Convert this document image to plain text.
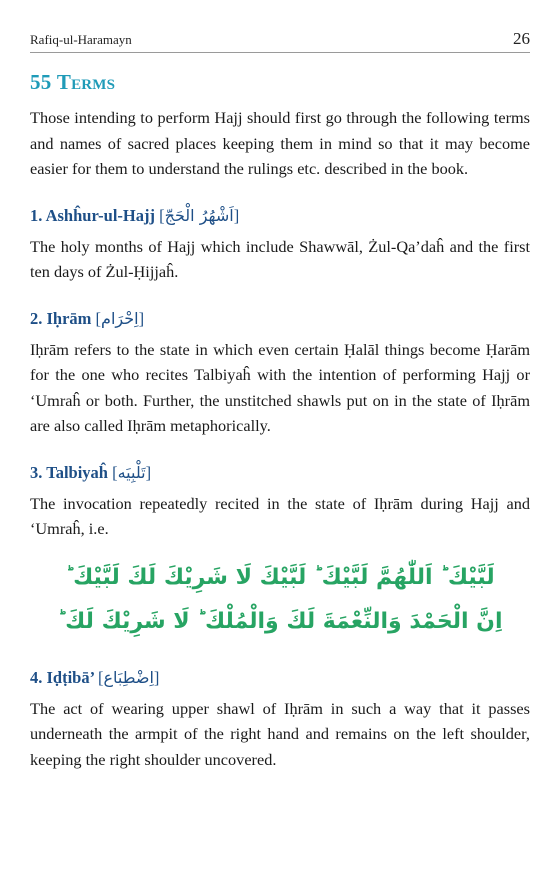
Rafiq-ul-Haramayn	26
55 Terms

Those intending to perform Hajj should first go through the following terms and names of sacred places keeping them in mind so that it may become easier for them to understand the rulings etc. described in the book.

1. Ashĥur-ul-Hajj [اَشْهُرُ الْحَجّ]

The holy months of Hajj which include Shawwāl, Żul-Qa’daĥ and the first ten days of Żul-Ḥijjaĥ.

2. Iḥrām [اِحْرَام]

Iḥrām refers to the state in which even certain Ḥalāl things become Ḥarām for the one who recites Talbiyaĥ with the intention of performing Hajj or ‘Umraĥ or both. Further, the unstitched shawls put on in the state of Iḥrām are also called Iḥrām metaphorically.

3. Talbiyaĥ [تَلْبِيَه]

The invocation repeatedly recited in the state of Iḥrām during Hajj and ‘Umraĥ, i.e.

لَبَّيْكَ ؕ اَللّٰهُمَّ لَبَّيْكَ ؕ لَبَّيْكَ لَا شَرِيْكَ لَكَ لَبَّيْكَ ؕ
اِنَّ الْحَمْدَ وَالنِّعْمَةَ لَكَ وَالْمُلْكَ ؕ لَا شَرِيْكَ لَكَ ؕ
4. Iḍṭibā’ [اِضْطِبَاع]

The act of wearing upper shawl of Iḥrām in such a way that it passes underneath the armpit of the right hand and remains on the left shoulder, keeping the right shoulder uncovered.
